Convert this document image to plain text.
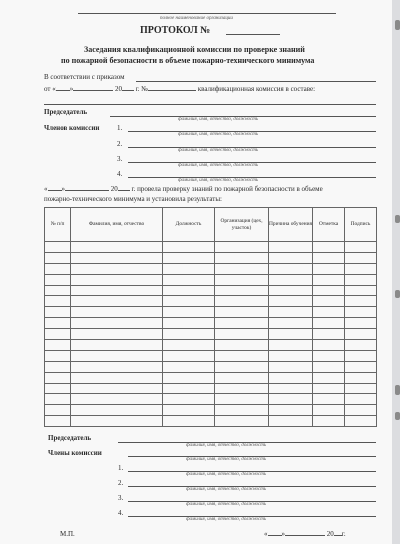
полное наименование организации
ПРОТОКОЛ №
Заседания квалификационной комиссии по проверке знаний
по пожарной безопасности в объеме пожарно-технического минимума
В соответствии с приказом
от « »	20 г. №	квалификационная комиссия в составе:
Председатель
фамилия, имя, отчество, должность
Членов комиссии	1.
фамилия, имя, отчество, должность
2.
фамилия, имя, отчество, должность
3.
фамилия, имя, отчество, должность
4.
фамилия, имя, отчество, должность
« »	20 г. провела проверку знаний по пожарной безопасности в объеме
пожарно-технического минимума и установила результаты:
№ п/п	Фамилия, имя, отчество	Должность	Организация (цех, участок)	Причина обучения	Отметка	Подпись

Председатель
фамилия, имя, отчество, должность
Члены комиссии
фамилия, имя, отчество, должность
1.
фамилия, имя, отчество, должность
2.
фамилия, имя, отчество, должность
3.
фамилия, имя, отчество, должность
4.
фамилия, имя, отчество, должность
М.П.	« »	20 г.
